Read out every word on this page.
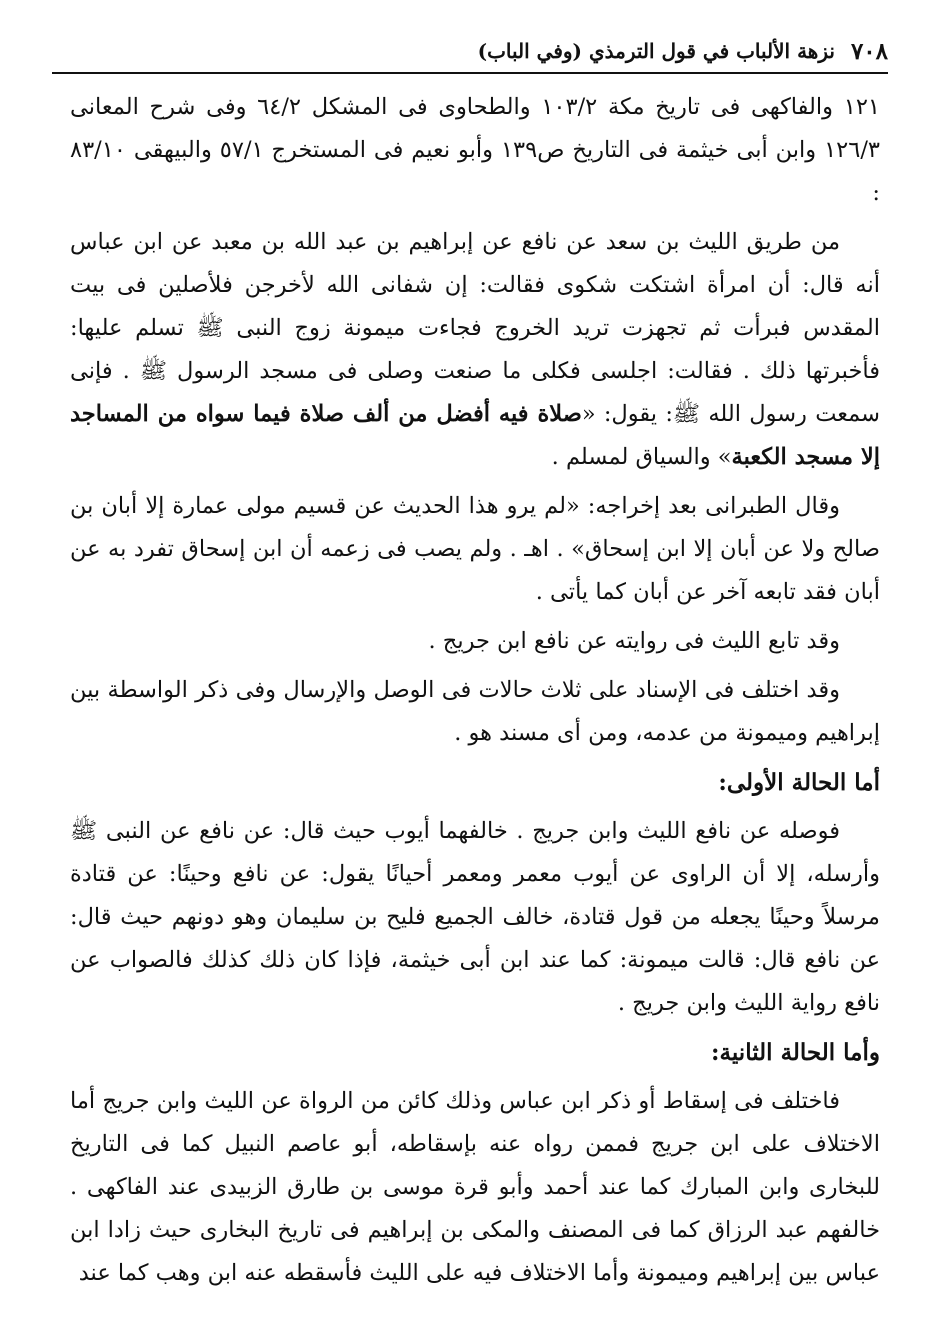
٧٠٨
نزهة الألباب في قول الترمذي (وفي الباب)

١٢١ والفاكهى فى تاريخ مكة ١٠٣/٢ والطحاوى فى المشكل ٦٤/٢ وفى شرح المعانى ١٢٦/٣ وابن أبى خيثمة فى التاريخ ص١٣٩ وأبو نعيم فى المستخرج ٥٧/١ والبيهقى ٨٣/١٠ :

من طريق الليث بن سعد عن نافع عن إبراهيم بن عبد الله بن معبد عن ابن عباس أنه قال: أن امرأة اشتكت شكوى فقالت: إن شفانى الله لأخرجن فلأصلين فى بيت المقدس فبرأت ثم تجهزت تريد الخروج فجاءت ميمونة زوج النبى ﷺ تسلم عليها: فأخبرتها ذلك . فقالت: اجلسى فكلى ما صنعت وصلى فى مسجد الرسول ﷺ . فإنى سمعت رسول الله ﷺ: يقول: «صلاة فيه أفضل من ألف صلاة فيما سواه من المساجد إلا مسجد الكعبة» والسياق لمسلم .

وقال الطبرانى بعد إخراجه: «لم يرو هذا الحديث عن قسيم مولى عمارة إلا أبان بن صالح ولا عن أبان إلا ابن إسحاق» . اهـ . ولم يصب فى زعمه أن ابن إسحاق تفرد به عن أبان فقد تابعه آخر عن أبان كما يأتى .

وقد تابع الليث فى روايته عن نافع ابن جريج .

وقد اختلف فى الإسناد على ثلاث حالات فى الوصل والإرسال وفى ذكر الواسطة بين إبراهيم وميمونة من عدمه، ومن أى مسند هو .

أما الحالة الأولى:

فوصله عن نافع الليث وابن جريج . خالفهما أيوب حيث قال: عن نافع عن النبى ﷺ وأرسله، إلا أن الراوى عن أيوب معمر ومعمر أحيانًا يقول: عن نافع وحينًا: عن قتادة مرسلاً وحينًا يجعله من قول قتادة، خالف الجميع فليح بن سليمان وهو دونهم حيث قال: عن نافع قال: قالت ميمونة: كما عند ابن أبى خيثمة، فإذا كان ذلك كذلك فالصواب عن نافع رواية الليث وابن جريج .

وأما الحالة الثانية:

فاختلف فى إسقاط أو ذكر ابن عباس وذلك كائن من الرواة عن الليث وابن جريج أما الاختلاف على ابن جريج فممن رواه عنه بإسقاطه، أبو عاصم النبيل كما فى التاريخ للبخارى وابن المبارك كما عند أحمد وأبو قرة موسى بن طارق الزبيدى عند الفاكهى . خالفهم عبد الرزاق كما فى المصنف والمكى بن إبراهيم فى تاريخ البخارى حيث زادا ابن عباس بين إبراهيم وميمونة وأما الاختلاف فيه على الليث فأسقطه عنه ابن وهب كما عند
